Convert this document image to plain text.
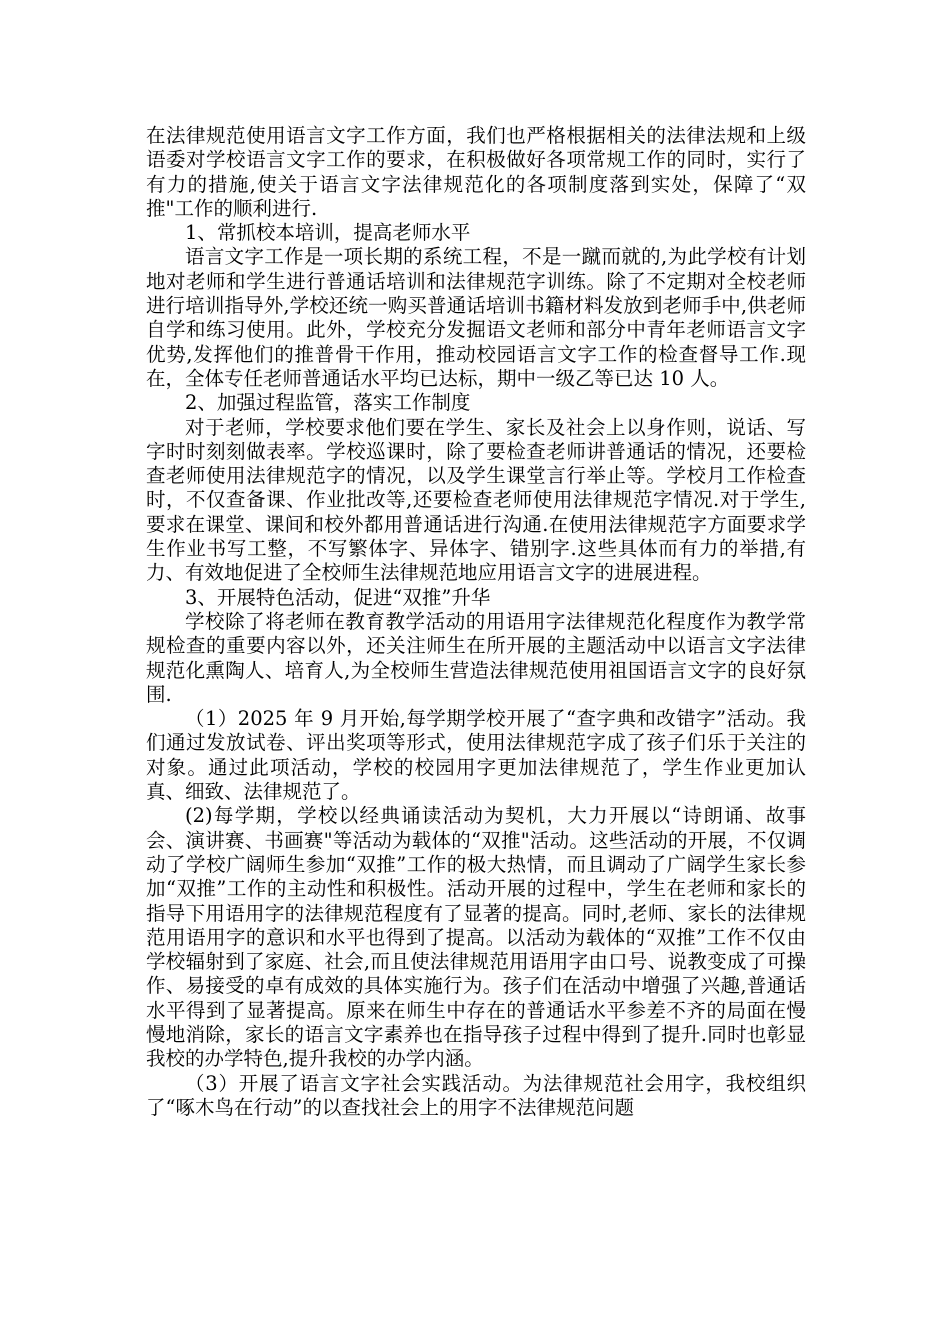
在法律规范使用语言文字工作方面，我们也严格根据相关的法律法规和上级语委对学校语言文字工作的要求，在积极做好各项常规工作的同时，实行了有力的措施,使关于语言文字法律规范化的各项制度落到实处，保障了“双推"工作的顺利进行.

1、常抓校本培训，提高老师水平

语言文字工作是一项长期的系统工程，不是一蹴而就的,为此学校有计划地对老师和学生进行普通话培训和法律规范字训练。除了不定期对全校老师进行培训指导外,学校还统一购买普通话培训书籍材料发放到老师手中,供老师自学和练习使用。此外，学校充分发掘语文老师和部分中青年老师语言文字优势,发挥他们的推普骨干作用，推动校园语言文字工作的检查督导工作.现在，全体专任老师普通话水平均已达标，期中一级乙等已达 10 人。

2、加强过程监管，落实工作制度

对于老师，学校要求他们要在学生、家长及社会上以身作则，说话、写字时时刻刻做表率。学校巡课时，除了要检查老师讲普通话的情况，还要检查老师使用法律规范字的情况，以及学生课堂言行举止等。学校月工作检查时，不仅查备课、作业批改等,还要检查老师使用法律规范字情况.对于学生,要求在课堂、课间和校外都用普通话进行沟通.在使用法律规范字方面要求学生作业书写工整，不写繁体字、异体字、错别字.这些具体而有力的举措,有力、有效地促进了全校师生法律规范地应用语言文字的进展进程。

3、开展特色活动，促进“双推”升华

学校除了将老师在教育教学活动的用语用字法律规范化程度作为教学常规检查的重要内容以外，还关注师生在所开展的主题活动中以语言文字法律规范化熏陶人、培育人,为全校师生营造法律规范使用祖国语言文字的良好氛围.

（1）2025 年 9 月开始,每学期学校开展了“查字典和改错字”活动。我们通过发放试卷、评出奖项等形式，使用法律规范字成了孩子们乐于关注的对象。通过此项活动，学校的校园用字更加法律规范了，学生作业更加认真、细致、法律规范了。

(2)每学期，学校以经典诵读活动为契机，大力开展以“诗朗诵、故事会、演讲赛、书画赛"等活动为载体的“双推"活动。这些活动的开展，不仅调动了学校广阔师生参加“双推”工作的极大热情，而且调动了广阔学生家长参加“双推”工作的主动性和积极性。活动开展的过程中，学生在老师和家长的指导下用语用字的法律规范程度有了显著的提高。同时,老师、家长的法律规范用语用字的意识和水平也得到了提高。以活动为载体的“双推”工作不仅由学校辐射到了家庭、社会,而且使法律规范用语用字由口号、说教变成了可操作、易接受的卓有成效的具体实施行为。孩子们在活动中增强了兴趣,普通话水平得到了显著提高。原来在师生中存在的普通话水平参差不齐的局面在慢慢地消除，家长的语言文字素养也在指导孩子过程中得到了提升.同时也彰显我校的办学特色,提升我校的办学内涵。

（3）开展了语言文字社会实践活动。为法律规范社会用字，我校组织了“啄木鸟在行动”的以查找社会上的用字不法律规范问题
